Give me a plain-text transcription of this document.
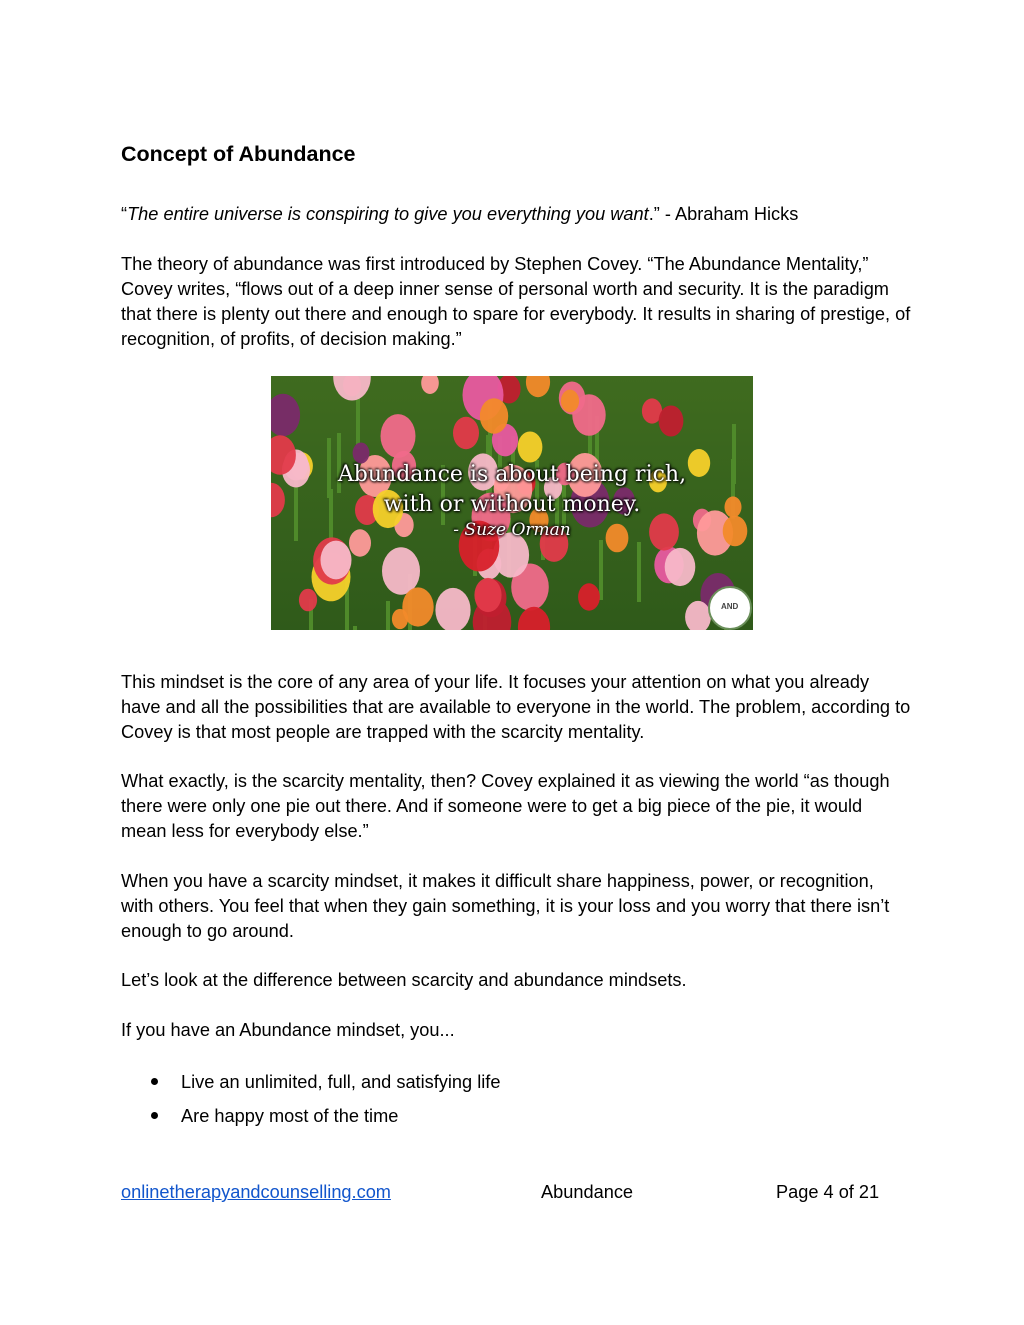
Concept of Abundance

“The entire universe is conspiring to give you everything you want.” - Abraham Hicks

The theory of abundance was first introduced by Stephen Covey. “The Abundance Mentality,” Covey writes, “flows out of a deep inner sense of personal worth and security. It is the paradigm that there is plenty out there and enough to spare for everybody. It results in sharing of prestige, of recognition, of profits, of decision making.”

Abundance is about being rich,
with or without money.
- Suze Orman
AND

This mindset is the core of any area of your life. It focuses your attention on what you already have and all the possibilities that are available to everyone in the world. The problem, according to Covey is that most people are trapped with the scarcity mentality.

What exactly, is the scarcity mentality, then? Covey explained it as viewing the world “as though there were only one pie out there. And if someone were to get a big piece of the pie, it would mean less for everybody else.”

When you have a scarcity mindset, it makes it difficult share happiness, power, or recognition, with others. You feel that when they gain something, it is your loss and you worry that there isn’t enough to go around.

Let’s look at the difference between scarcity and abundance mindsets.

If you have an Abundance mindset, you...

Live an unlimited, full, and satisfying life
Are happy most of the time
onlinetherapyandcounselling.com	Abundance	Page 4 of 21
